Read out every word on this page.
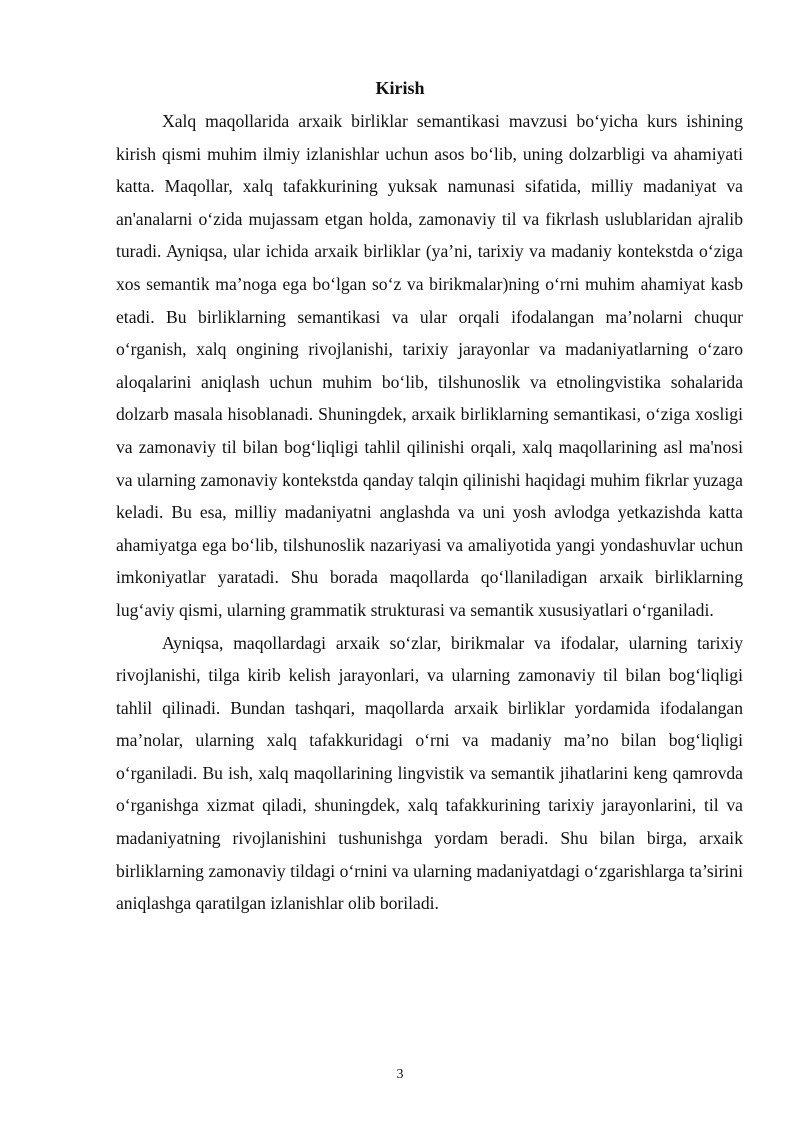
Kirish

Xalq maqollarida arxaik birliklar semantikasi mavzusi bo‘yicha kurs ishining kirish qismi muhim ilmiy izlanishlar uchun asos bo‘lib, uning dolzarbligi va ahamiyati katta. Maqollar, xalq tafakkurining yuksak namunasi sifatida, milliy madaniyat va an'analarni o‘zida mujassam etgan holda, zamonaviy til va fikrlash uslublaridan ajralib turadi. Ayniqsa, ular ichida arxaik birliklar (ya’ni, tarixiy va madaniy kontekstda o‘ziga xos semantik ma’noga ega bo‘lgan so‘z va birikmalar)ning o‘rni muhim ahamiyat kasb etadi. Bu birliklarning semantikasi va ular orqali ifodalangan ma’nolarni chuqur o‘rganish, xalq ongining rivojlanishi, tarixiy jarayonlar va madaniyatlarning o‘zaro aloqalarini aniqlash uchun muhim bo‘lib, tilshunoslik va etnolingvistika sohalarida dolzarb masala hisoblanadi. Shuningdek, arxaik birliklarning semantikasi, o‘ziga xosligi va zamonaviy til bilan bog‘liqligi tahlil qilinishi orqali, xalq maqollarining asl ma'nosi va ularning zamonaviy kontekstda qanday talqin qilinishi haqidagi muhim fikrlar yuzaga keladi. Bu esa, milliy madaniyatni anglashda va uni yosh avlodga yetkazishda katta ahamiyatga ega bo‘lib, tilshunoslik nazariyasi va amaliyotida yangi yondashuvlar uchun imkoniyatlar yaratadi. Shu borada maqollarda qo‘llaniladigan arxaik birliklarning lug‘aviy qismi, ularning grammatik strukturasi va semantik xususiyatlari o‘rganiladi.

Ayniqsa, maqollardagi arxaik so‘zlar, birikmalar va ifodalar, ularning tarixiy rivojlanishi, tilga kirib kelish jarayonlari, va ularning zamonaviy til bilan bog‘liqligi tahlil qilinadi. Bundan tashqari, maqollarda arxaik birliklar yordamida ifodalangan ma’nolar, ularning xalq tafakkuridagi o‘rni va madaniy ma’no bilan bog‘liqligi o‘rganiladi. Bu ish, xalq maqollarining lingvistik va semantik jihatlarini keng qamrovda o‘rganishga xizmat qiladi, shuningdek, xalq tafakkurining tarixiy jarayonlarini, til va madaniyatning rivojlanishini tushunishga yordam beradi. Shu bilan birga, arxaik birliklarning zamonaviy tildagi o‘rnini va ularning madaniyatdagi o‘zgarishlarga ta’sirini aniqlashga qaratilgan izlanishlar olib boriladi.

3
